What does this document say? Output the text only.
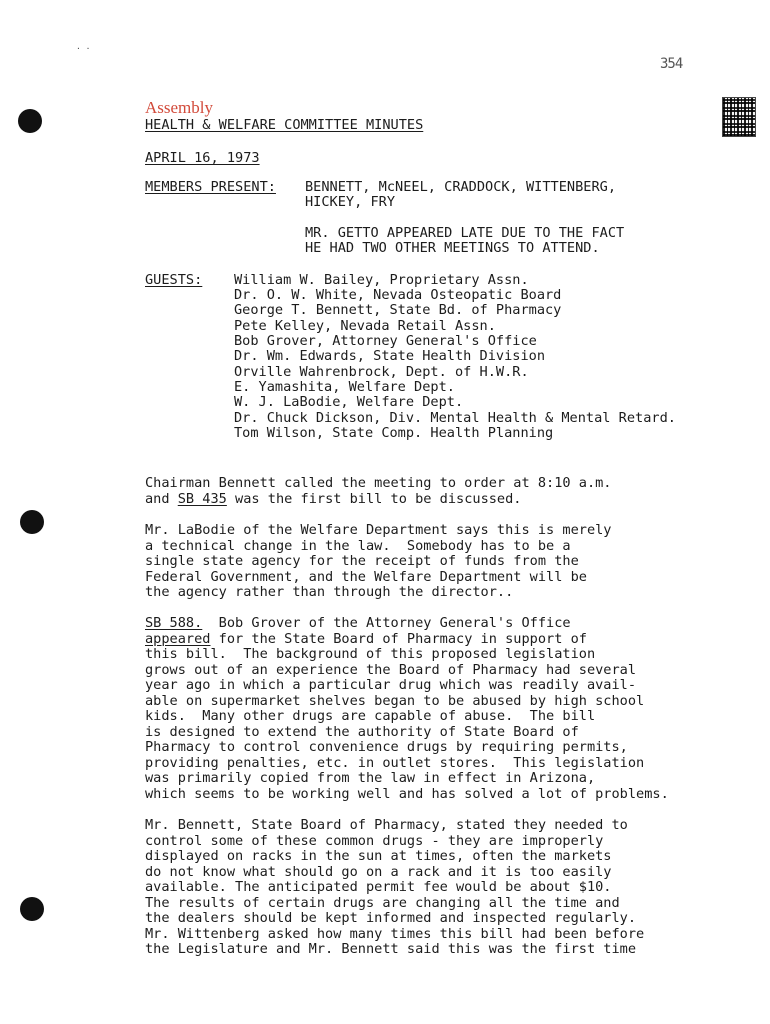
· ·
354
Assembly
HEALTH & WELFARE COMMITTEE MINUTES
APRIL 16, 1973
MEMBERS PRESENT: BENNETT, McNEEL, CRADDOCK, WITTENBERG,
HICKEY, FRY
MR. GETTO APPEARED LATE DUE TO THE FACT
HE HAD TWO OTHER MEETINGS TO ATTEND.
GUESTS: William W. Bailey, Proprietary Assn.
Dr. O. W. White, Nevada Osteopatic Board
George T. Bennett, State Bd. of Pharmacy
Pete Kelley, Nevada Retail Assn.
Bob Grover, Attorney General's Office
Dr. Wm. Edwards, State Health Division
Orville Wahrenbrock, Dept. of H.W.R.
E. Yamashita, Welfare Dept.
W. J. LaBodie, Welfare Dept.
Dr. Chuck Dickson, Div. Mental Health & Mental Retard.
Tom Wilson, State Comp. Health Planning
Chairman Bennett called the meeting to order at 8:10 a.m.
and SB 435 was the first bill to be discussed.
Mr. LaBodie of the Welfare Department says this is merely
a technical change in the law.  Somebody has to be a
single state agency for the receipt of funds from the
Federal Government, and the Welfare Department will be
the agency rather than through the director..
SB 588.  Bob Grover of the Attorney General's Office
appeared for the State Board of Pharmacy in support of
this bill.  The background of this proposed legislation
grows out of an experience the Board of Pharmacy had several
year ago in which a particular drug which was readily avail-
able on supermarket shelves began to be abused by high school
kids.  Many other drugs are capable of abuse.  The bill
is designed to extend the authority of State Board of
Pharmacy to control convenience drugs by requiring permits,
providing penalties, etc. in outlet stores.  This legislation
was primarily copied from the law in effect in Arizona,
which seems to be working well and has solved a lot of problems.
Mr. Bennett, State Board of Pharmacy, stated they needed to
control some of these common drugs - they are improperly
displayed on racks in the sun at times, often the markets
do not know what should go on a rack and it is too easily
available. The anticipated permit fee would be about $10.
The results of certain drugs are changing all the time and
the dealers should be kept informed and inspected regularly.
Mr. Wittenberg asked how many times this bill had been before
the Legislature and Mr. Bennett said this was the first time
